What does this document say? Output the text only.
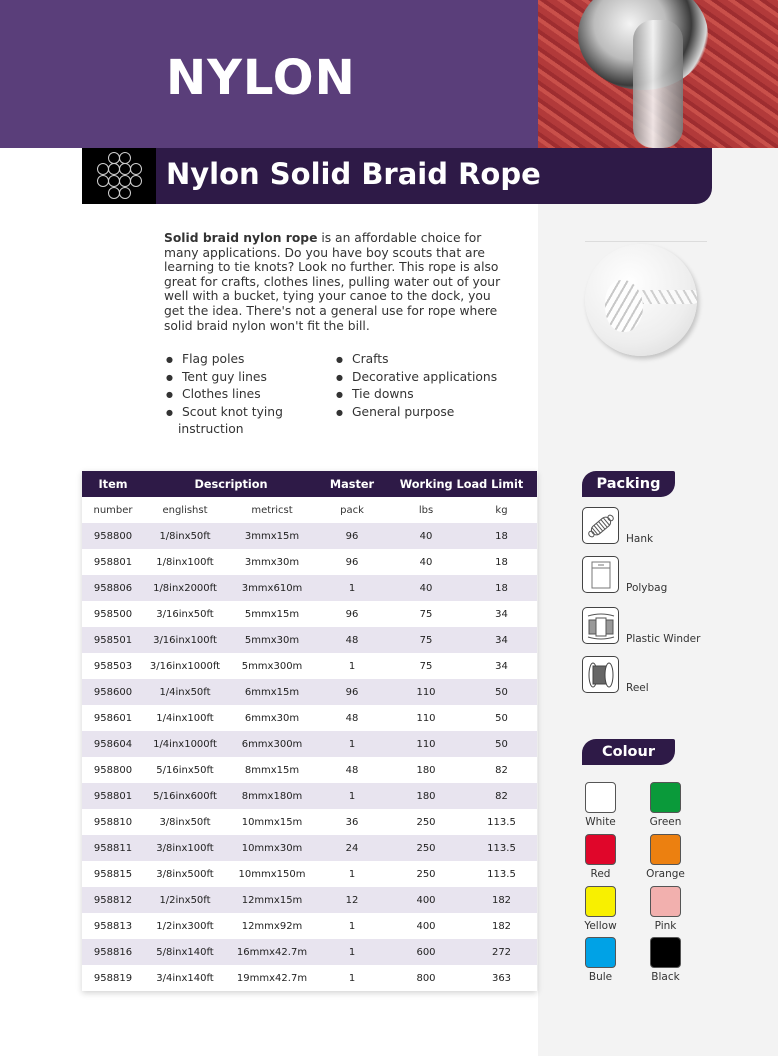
NYLON
Nylon Solid Braid Rope
Solid braid nylon rope is an affordable choice for many applications. Do you have boy scouts that are learning to tie knots? Look no further. This rope is also great for crafts, clothes lines, pulling water out of your well with a bucket, tying your canoe to the dock, you get the idea. There's not a general use for rope where solid braid nylon won't fit the bill.
● Flag poles
● Tent guy lines
● Clothes lines
● Scout knot tying
instruction
● Crafts
● Decorative applications
● Tie downs
● General purpose
Item	Description		Master	Working Load Limit	
number	englishst	metricst	pack	lbs	kg
958800	1/8inx50ft	3mmx15m	96	40	18
958801	1/8inx100ft	3mmx30m	96	40	18
958806	1/8inx2000ft	3mmx610m	1	40	18
958500	3/16inx50ft	5mmx15m	96	75	34
958501	3/16inx100ft	5mmx30m	48	75	34
958503	3/16inx1000ft	5mmx300m	1	75	34
958600	1/4inx50ft	6mmx15m	96	110	50
958601	1/4inx100ft	6mmx30m	48	110	50
958604	1/4inx1000ft	6mmx300m	1	110	50
958800	5/16inx50ft	8mmx15m	48	180	82
958801	5/16inx600ft	8mmx180m	1	180	82
958810	3/8inx50ft	10mmx15m	36	250	113.5
958811	3/8inx100ft	10mmx30m	24	250	113.5
958815	3/8inx500ft	10mmx150m	1	250	113.5
958812	1/2inx50ft	12mmx15m	12	400	182
958813	1/2inx300ft	12mmx92m	1	400	182
958816	5/8inx140ft	16mmx42.7m	1	600	272
958819	3/4inx140ft	19mmx42.7m	1	800	363
Packing
Hank
Polybag
Plastic Winder
Reel
Colour
White	Green
Red	Orange
Yellow	Pink
Bule	Black
